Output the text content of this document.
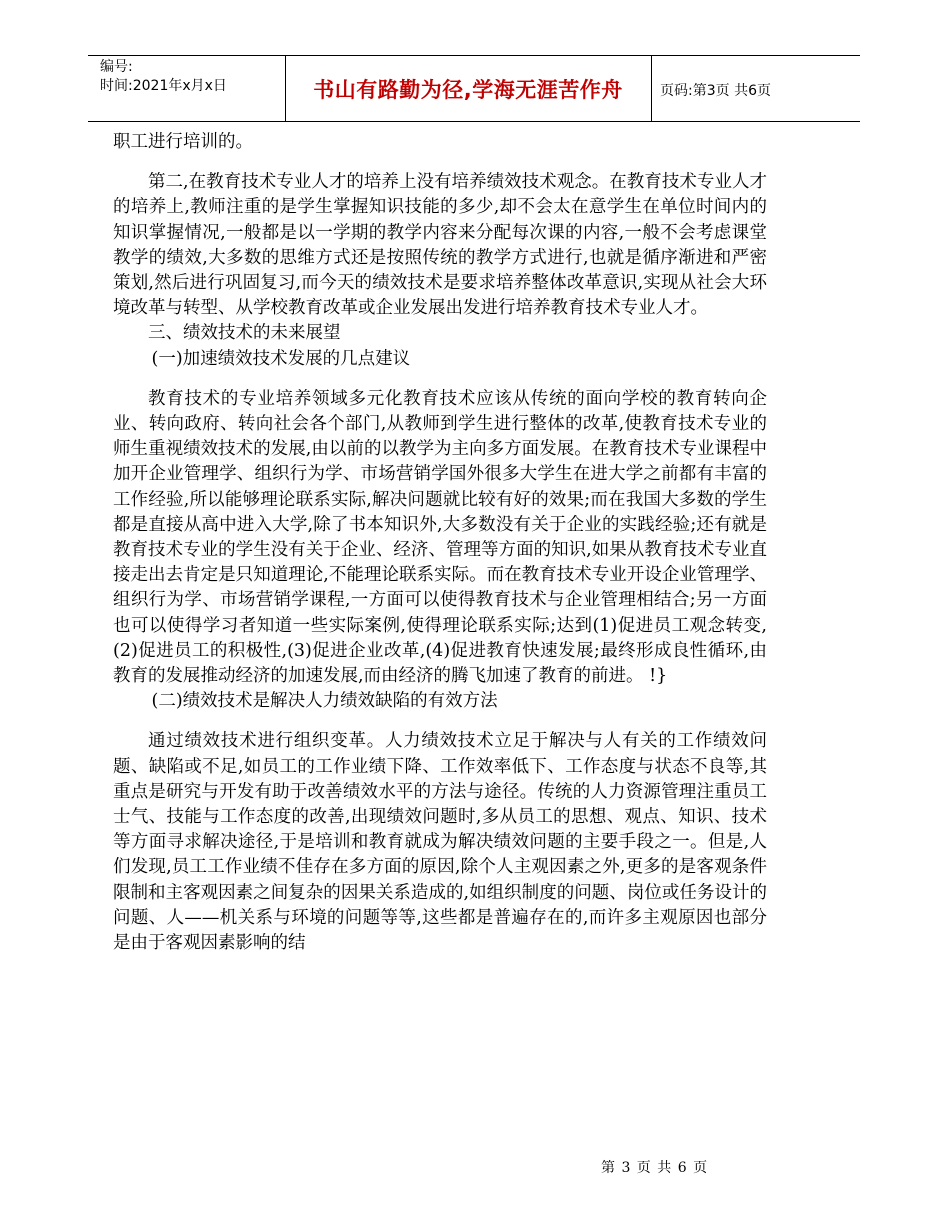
编号:
时间:2021年x月x日	书山有路勤为径,学海无涯苦作舟	页码:第3页 共6页

职工进行培训的。

第二,在教育技术专业人才的培养上没有培养绩效技术观念。在教育技术专业人才的培养上,教师注重的是学生掌握知识技能的多少,却不会太在意学生在单位时间内的知识掌握情况,一般都是以一学期的教学内容来分配每次课的内容,一般不会考虑课堂教学的绩效,大多数的思维方式还是按照传统的教学方式进行,也就是循序渐进和严密策划,然后进行巩固复习,而今天的绩效技术是要求培养整体改革意识,实现从社会大环境改革与转型、从学校教育改革或企业发展出发进行培养教育技术专业人才。

三、绩效技术的未来展望

(一)加速绩效技术发展的几点建议

教育技术的专业培养领域多元化教育技术应该从传统的面向学校的教育转向企业、转向政府、转向社会各个部门,从教师到学生进行整体的改革,使教育技术专业的师生重视绩效技术的发展,由以前的以教学为主向多方面发展。在教育技术专业课程中加开企业管理学、组织行为学、市场营销学国外很多大学生在进大学之前都有丰富的工作经验,所以能够理论联系实际,解决问题就比较有好的效果;而在我国大多数的学生都是直接从高中进入大学,除了书本知识外,大多数没有关于企业的实践经验;还有就是教育技术专业的学生没有关于企业、经济、管理等方面的知识,如果从教育技术专业直接走出去肯定是只知道理论,不能理论联系实际。而在教育技术专业开设企业管理学、组织行为学、市场营销学课程,一方面可以使得教育技术与企业管理相结合;另一方面也可以使得学习者知道一些实际案例,使得理论联系实际;达到(1)促进员工观念转变,(2)促进员工的积极性,(3)促进企业改革,(4)促进教育快速发展;最终形成良性循环,由教育的发展推动经济的加速发展,而由经济的腾飞加速了教育的前进。 !}

(二)绩效技术是解决人力绩效缺陷的有效方法

通过绩效技术进行组织变革。人力绩效技术立足于解决与人有关的工作绩效问题、缺陷或不足,如员工的工作业绩下降、工作效率低下、工作态度与状态不良等,其重点是研究与开发有助于改善绩效水平的方法与途径。传统的人力资源管理注重员工士气、技能与工作态度的改善,出现绩效问题时,多从员工的思想、观点、知识、技术等方面寻求解决途径,于是培训和教育就成为解决绩效问题的主要手段之一。但是,人们发现,员工工作业绩不佳存在多方面的原因,除个人主观因素之外,更多的是客观条件限制和主客观因素之间复杂的因果关系造成的,如组织制度的问题、岗位或任务设计的问题、人——机关系与环境的问题等等,这些都是普遍存在的,而许多主观原因也部分是由于客观因素影响的结

第 3 页 共 6 页
